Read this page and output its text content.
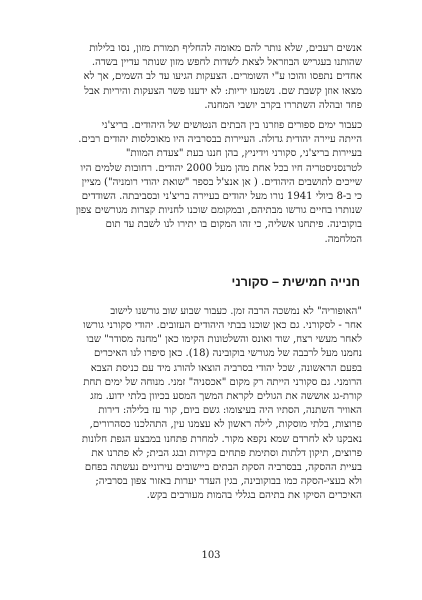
אנשים רעבים, שלא נותר להם מאומה להחליף תמורת מזון, נסו בלילות
שהותנו בעגריש הבוזראל לצאת לשדות לחפש מזון שנותר עדיין בשדה.
אחדים נתפסו והוכו ע"י השומרים. הצעקות הגיעו עד לב השמים, אך לא
מצאו אוזן קשבת שם. נשמעו יריות: לא ידענו פשר הצעקות והיריות אבל
פחד ובהלה השתררו בקרב יושבי המחנה.

כעבור ימים ספורים פוזרנו בין הבתים הנטושים של היהודים. בריצ'ני
הייתה עיירה יהודית גדולה. העיירות בבסרביה היו מאוכלסות יהודים רבים.
בעיירות בריצ'ני, סקורני וידיניץ, בהן חננו בעת "צעדת המוות"
לטרנסניסטריה חיו בכל אחת מהן מעל 2000 יהודים. רחובות שלמים היו
שייכים לתושבים היהודים. ( אן אנצ'ל בספר "שואת יהודי רומניה") מציין
כי ב-8 ביולי 1941 נורו מעל יהודים בעיירה בריצ'ני ובסביבתה. השודדים
שנותרו בחיים גורשו מבתיהם, ובמקומם שוכנו לחניות קצרות מגורשים צפון
בוקובינה. פיתחנו אשליה, כי זהו המקום בו יתירו לנו לשבת עד תום
המלחמה.

חנייה חמישית – סקורני

"האופוריה" לא נמשכה הרבה זמן. כעבור שבוע שוב גורשנו לישוב
אחר - לסקורני. גם כאן שוכנו בבתי היהודים העזובים. יהודי סקורני גורשו
לאחר מעשי רצח, שוד ואונס והשלטונות הקימו כאן "מחנה מסודר" שבו
נחמנו מעל לרבבה של מגורשי בוקובינה (18). כאן סיפרו לנו האיכרים
בפעם הראשונה, שכל יהודי בסרביה הוצאו להורג מיד עם כניסת הצבא
הרומני. גם סקורני הייתה רק מקום "אכסניה" זמני. מנוחה של ימים תחת
קורת-גג אוששה את הגולים לקראת המשך המסע בכיוון בלתי ידוע. מזג
האוויר השתנה, הסתיו היה בעיצומו: גשם ביום, קור עז בלילה: דירות
פרוצות, בלתי מוסקות, לילה ראשון לא עצמנו עין, התהלכנו כסהרורים,
נאבקנו לא לחרדם שמא נקפא מקור. למחרת פתחנו במבצע הגפת חלונות
פרוצים, תיקון דלתות וסתימת פתחים בקירות ובגג הבית; לא פתרנו את
בעיית ההסקה, בבסרביה הסקת הבתים ביישובים עירוניים נעשתה בפחם
ולא בעצי-הסקה כמו בבוקובינה, בגין העדר יערות באזור צפון בסרביה;
האיכרים הסיקו את בתיהם בגללי בהמות מעורבים בקש.

103
